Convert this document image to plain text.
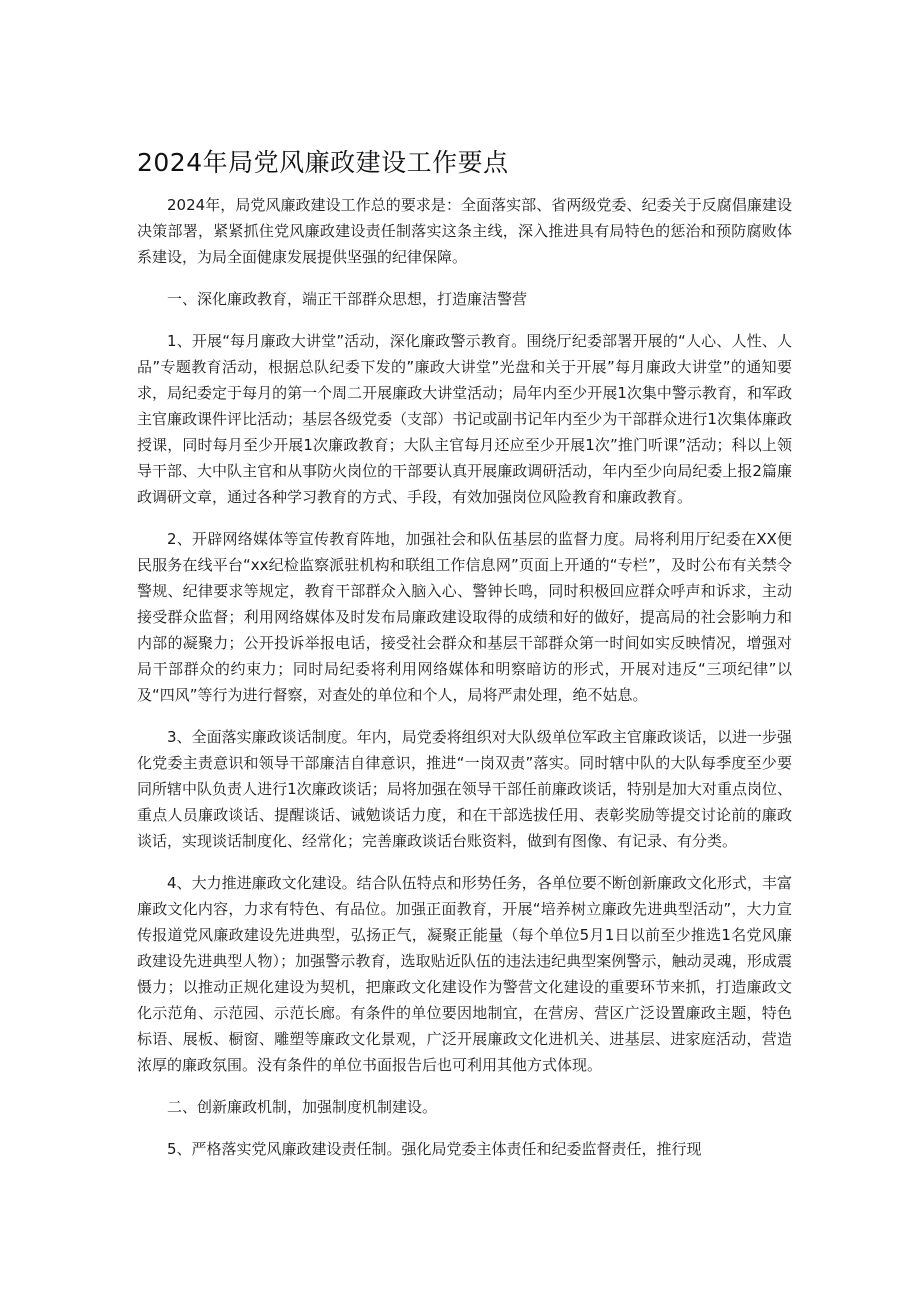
2024年局党风廉政建设工作要点

2024年，局党风廉政建设工作总的要求是：全面落实部、省两级党委、纪委关于反腐倡廉建设决策部署，紧紧抓住党风廉政建设责任制落实这条主线，深入推进具有局特色的惩治和预防腐败体系建设，为局全面健康发展提供坚强的纪律保障。

一、深化廉政教育，端正干部群众思想，打造廉洁警营

1、开展“每月廉政大讲堂”活动，深化廉政警示教育。围绕厅纪委部署开展的“人心、人性、人品”专题教育活动，根据总队纪委下发的”廉政大讲堂”光盘和关于开展”每月廉政大讲堂”的通知要求，局纪委定于每月的第一个周二开展廉政大讲堂活动；局年内至少开展1次集中警示教育，和军政主官廉政课件评比活动；基层各级党委（支部）书记或副书记年内至少为干部群众进行1次集体廉政授课，同时每月至少开展1次廉政教育；大队主官每月还应至少开展1次”推门听课”活动；科以上领导干部、大中队主官和从事防火岗位的干部要认真开展廉政调研活动，年内至少向局纪委上报2篇廉政调研文章，通过各种学习教育的方式、手段，有效加强岗位风险教育和廉政教育。

2、开辟网络媒体等宣传教育阵地，加强社会和队伍基层的监督力度。局将利用厅纪委在XX便民服务在线平台“xx纪检监察派驻机构和联组工作信息网”页面上开通的“专栏”，及时公布有关禁令警规、纪律要求等规定，教育干部群众入脑入心、警钟长鸣，同时积极回应群众呼声和诉求，主动接受群众监督；利用网络媒体及时发布局廉政建设取得的成绩和好的做好，提高局的社会影响力和内部的凝聚力；公开投诉举报电话，接受社会群众和基层干部群众第一时间如实反映情况，增强对局干部群众的约束力；同时局纪委将利用网络媒体和明察暗访的形式，开展对违反“三项纪律”以及“四风”等行为进行督察，对查处的单位和个人，局将严肃处理，绝不姑息。

3、全面落实廉政谈话制度。年内，局党委将组织对大队级单位军政主官廉政谈话，以进一步强化党委主责意识和领导干部廉洁自律意识，推进“一岗双责”落实。同时辖中队的大队每季度至少要同所辖中队负责人进行1次廉政谈话；局将加强在领导干部任前廉政谈话，特别是加大对重点岗位、重点人员廉政谈话、提醒谈话、诫勉谈话力度，和在干部选拔任用、表彰奖励等提交讨论前的廉政谈话，实现谈话制度化、经常化；完善廉政谈话台账资料，做到有图像、有记录、有分类。

4、大力推进廉政文化建设。结合队伍特点和形势任务，各单位要不断创新廉政文化形式，丰富廉政文化内容，力求有特色、有品位。加强正面教育，开展“培养树立廉政先进典型活动”，大力宣传报道党风廉政建设先进典型，弘扬正气，凝聚正能量（每个单位5月1日以前至少推选1名党风廉政建设先进典型人物）；加强警示教育，选取贴近队伍的违法违纪典型案例警示，触动灵魂，形成震慑力；以推动正规化建设为契机，把廉政文化建设作为警营文化建设的重要环节来抓，打造廉政文化示范角、示范园、示范长廊。有条件的单位要因地制宜，在营房、营区广泛设置廉政主题，特色标语、展板、橱窗、雕塑等廉政文化景观，广泛开展廉政文化进机关、进基层、进家庭活动，营造浓厚的廉政氛围。没有条件的单位书面报告后也可利用其他方式体现。

二、创新廉政机制，加强制度机制建设。

5、严格落实党风廉政建设责任制。强化局党委主体责任和纪委监督责任，推行现
